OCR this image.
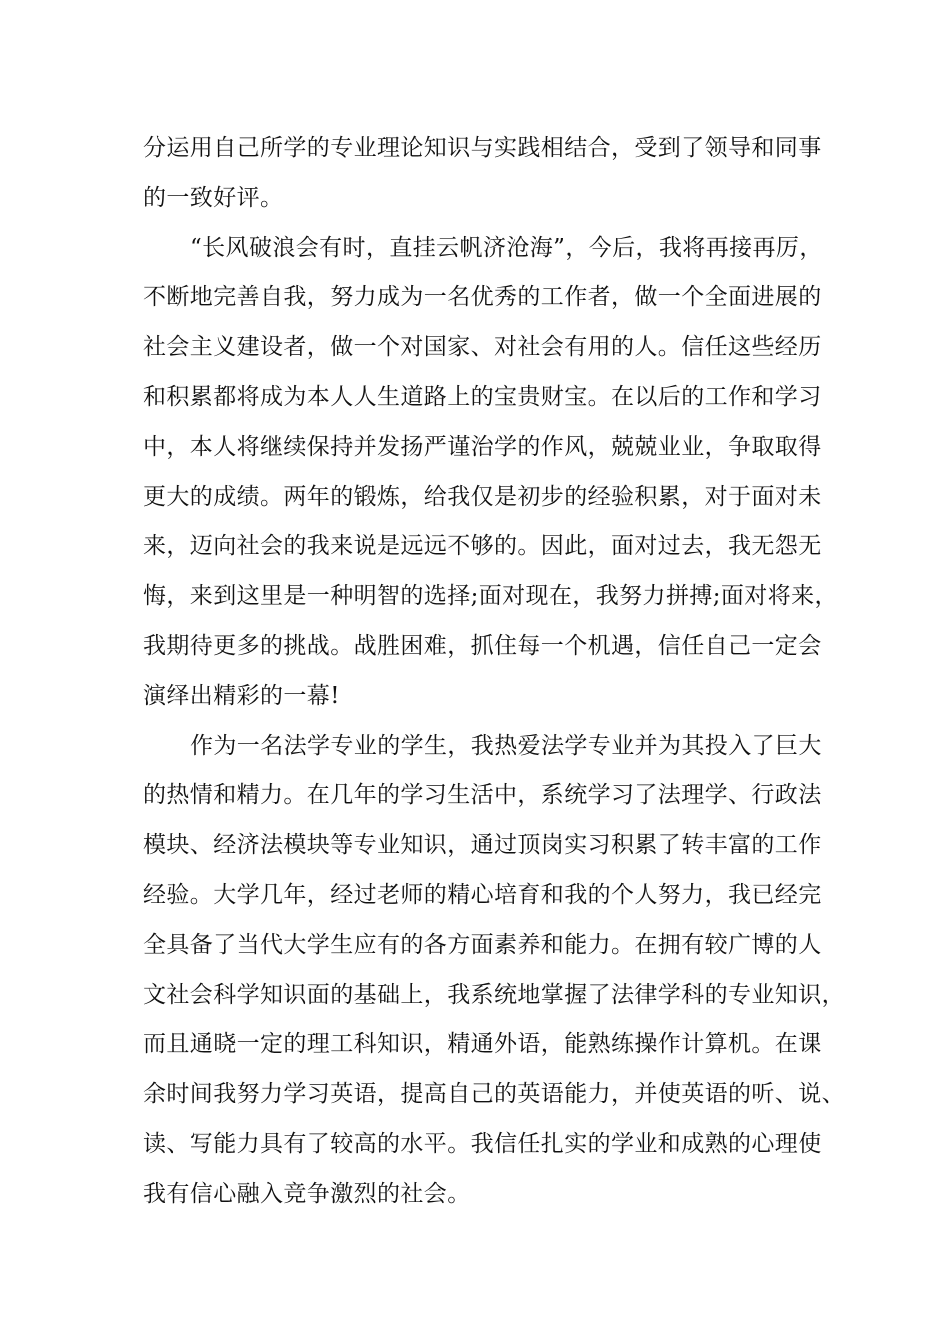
分运用自己所学的专业理论知识与实践相结合，受到了领导和同事
的一致好评。
“长风破浪会有时，直挂云帆济沧海”，今后，我将再接再厉，
不断地完善自我，努力成为一名优秀的工作者，做一个全面进展的
社会主义建设者，做一个对国家、对社会有用的人。信任这些经历
和积累都将成为本人人生道路上的宝贵财宝。在以后的工作和学习
中，本人将继续保持并发扬严谨治学的作风，兢兢业业，争取取得
更大的成绩。两年的锻炼，给我仅是初步的经验积累，对于面对未
来，迈向社会的我来说是远远不够的。因此，面对过去，我无怨无
悔，来到这里是一种明智的选择;面对现在，我努力拼搏;面对将来，
我期待更多的挑战。战胜困难，抓住每一个机遇，信任自己一定会
演绎出精彩的一幕!
作为一名法学专业的学生，我热爱法学专业并为其投入了巨大
的热情和精力。在几年的学习生活中，系统学习了法理学、行政法
模块、经济法模块等专业知识，通过顶岗实习积累了转丰富的工作
经验。大学几年，经过老师的精心培育和我的个人努力，我已经完
全具备了当代大学生应有的各方面素养和能力。在拥有较广博的人
文社会科学知识面的基础上，我系统地掌握了法律学科的专业知识，
而且通晓一定的理工科知识，精通外语，能熟练操作计算机。在课
余时间我努力学习英语，提高自己的英语能力，并使英语的听、说、
读、写能力具有了较高的水平。我信任扎实的学业和成熟的心理使
我有信心融入竞争激烈的社会。
